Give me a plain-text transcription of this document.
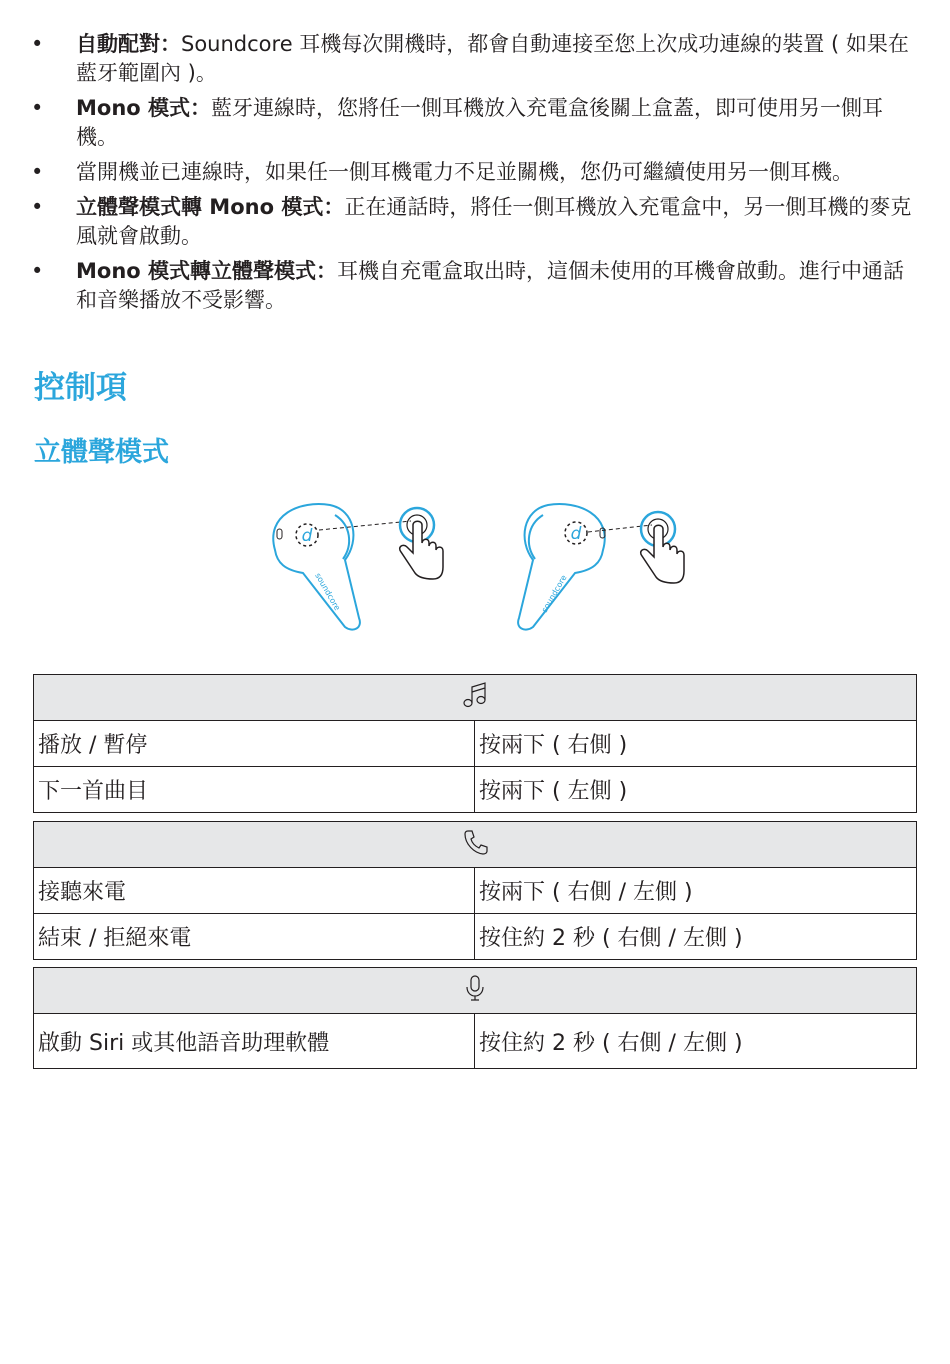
• 自動配對：Soundcore 耳機每次開機時，都會自動連接至您上次成功連線的裝置 ( 如果在藍牙範圍內 )。
• Mono 模式：藍牙連線時，您將任一側耳機放入充電盒後關上盒蓋，即可使用另一側耳機。
• 當開機並已連線時，如果任一側耳機電力不足並關機，您仍可繼續使用另一側耳機。
• 立體聲模式轉 Mono 模式：正在通話時，將任一側耳機放入充電盒中，另一側耳機的麥克風就會啟動。
• Mono 模式轉立體聲模式：耳機自充電盒取出時，這個未使用的耳機會啟動。進行中通話和音樂播放不受影響。
控制項
立體聲模式
d
soundcore
d
soundcore

播放 / 暫停	按兩下 ( 右側 )
下一首曲目	按兩下 ( 左側 )

接聽來電	按兩下 ( 右側 / 左側 )
結束 / 拒絕來電	按住約 2 秒 ( 右側 / 左側 )

啟動 Siri 或其他語音助理軟體	按住約 2 秒 ( 右側 / 左側 )
